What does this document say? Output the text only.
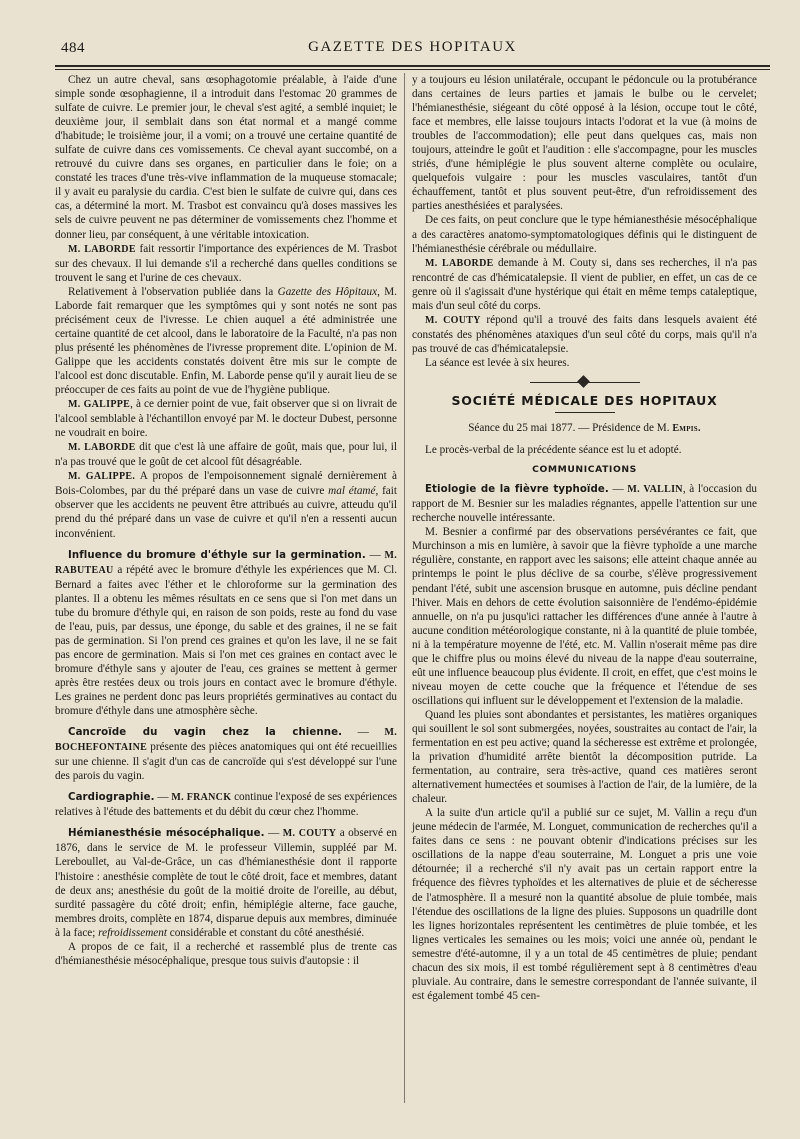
484	GAZETTE DES HOPITAUX

Chez un autre cheval, sans œsophagotomie préalable, à l'aide d'une simple sonde œsophagienne, il a introduit dans l'estomac 20 grammes de sulfate de cuivre. Le premier jour, le cheval s'est agité, a semblé inquiet; le deuxième jour, il semblait dans son état normal et a mangé comme d'habitude; le troisième jour, il a vomi; on a trouvé une certaine quantité de sulfate de cuivre dans ces vomissements. Ce cheval ayant succombé, on a retrouvé du cuivre dans ses organes, en particulier dans le foie; on a constaté les traces d'une très-vive inflammation de la muqueuse stomacale; il y avait eu paralysie du cardia. C'est bien le sulfate de cuivre qui, dans ces cas, a déterminé la mort. M. Trasbot est convaincu qu'à doses massives les sels de cuivre peuvent ne pas déterminer de vomissements chez l'homme et donner lieu, par conséquent, à une véritable intoxication.

M. LABORDE fait ressortir l'importance des expériences de M. Trasbot sur des chevaux. Il lui demande s'il a recherché dans quelles conditions se trouvent le sang et l'urine de ces chevaux.

Relativement à l'observation publiée dans la Gazette des Hôpitaux, M. Laborde fait remarquer que les symptômes qui y sont notés ne sont pas précisément ceux de l'ivresse. Le chien auquel a été administrée une certaine quantité de cet alcool, dans le laboratoire de la Faculté, n'a pas non plus présenté les phénomènes de l'ivresse proprement dite. L'opinion de M. Galippe que les accidents constatés doivent être mis sur le compte de l'alcool est donc discutable. Enfin, M. Laborde pense qu'il y aurait lieu de se préoccuper de ces faits au point de vue de l'hygiène publique.

M. GALIPPE, à ce dernier point de vue, fait observer que si on livrait de l'alcool semblable à l'échantillon envoyé par M. le docteur Dubest, personne ne voudrait en boire.

M. LABORDE dit que c'est là une affaire de goût, mais que, pour lui, il n'a pas trouvé que le goût de cet alcool fût désagréable.

M. GALIPPE. A propos de l'empoisonnement signalé dernièrement à Bois-Colombes, par du thé préparé dans un vase de cuivre mal étamé, fait observer que les accidents ne peuvent être attribués au cuivre, atteudu qu'il prend du thé préparé dans un vase de cuivre et qu'il n'en a ressenti aucun inconvénient.

Influence du bromure d'éthyle sur la germination. — M. RABUTEAU a répété avec le bromure d'éthyle les expériences que M. Cl. Bernard a faites avec l'éther et le chloroforme sur la germination des plantes. Il a obtenu les mêmes résultats en ce sens que si l'on met dans un tube du bromure d'éthyle qui, en raison de son poids, reste au fond du vase de l'eau, puis, par dessus, une éponge, du sable et des graines, il ne se fait pas de germination. Si l'on prend ces graines et qu'on les lave, il ne se fait pas encore de germination. Mais si l'on met ces graines en contact avec le bromure d'éthyle sans y ajouter de l'eau, ces graines se mettent à germer après être restées deux ou trois jours en contact avec le bromure d'éthyle. Les graines ne perdent donc pas leurs propriétés germinatives au contact du bromure d'éthyle dans une atmosphère sèche.

Cancroïde du vagin chez la chienne. — M. BOCHEFONTAINE présente des pièces anatomiques qui ont été recueillies sur une chienne. Il s'agit d'un cas de cancroïde qui s'est développé sur l'une des parois du vagin.

Cardiographie. — M. FRANCK continue l'exposé de ses expériences relatives à l'étude des battements et du débit du cœur chez l'homme.

Hémianesthésie mésocéphalique. — M. COUTY a observé en 1876, dans le service de M. le professeur Villemin, suppléé par M. Lereboullet, au Val-de-Grâce, un cas d'hémianesthésie dont il rapporte l'histoire : anesthésie complète de tout le côté droit, face et membres, datant de deux ans; anesthésie du goût de la moitié droite de l'oreille, au début, surdité passagère du côté droit; enfin, hémiplégie alterne, face gauche, membres droits, complète en 1874, disparue depuis aux membres, diminuée à la face; refroidissement considérable et constant du côté anesthésié.

A propos de ce fait, il a recherché et rassemblé plus de trente cas d'hémianesthésie mésocéphalique, presque tous suivis d'autopsie : il

y a toujours eu lésion unilatérale, occupant le pédoncule ou la protubérance dans certaines de leurs parties et jamais le bulbe ou le cervelet; l'hémianesthésie, siégeant du côté opposé à la lésion, occupe tout le côté, face et membres, elle laisse toujours intacts l'odorat et la vue (à moins de troubles de l'accommodation); elle peut dans quelques cas, mais non toujours, atteindre le goût et l'audition : elle s'accompagne, pour les muscles striés, d'une hémiplégie le plus souvent alterne complète ou oculaire, quelquefois vulgaire : pour les muscles vasculaires, tantôt d'un échauffement, tantôt et plus souvent peut-être, d'un refroidissement des parties anesthésiées et paralysées.

De ces faits, on peut conclure que le type hémianesthésie mésocéphalique a des caractères anatomo-symptomatologiques définis qui le distinguent de l'hémianesthésie cérébrale ou médullaire.

M. LABORDE demande à M. Couty si, dans ses recherches, il n'a pas rencontré de cas d'hémicatalepsie. Il vient de publier, en effet, un cas de ce genre où il s'agissait d'une hystérique qui était en même temps cataleptique, mais d'un seul côté du corps.

M. COUTY répond qu'il a trouvé des faits dans lesquels avaient été constatés des phénomènes ataxiques d'un seul côté du corps, mais qu'il n'a pas trouvé de cas d'hémicatalepsie.

La séance est levée à six heures.

SOCIÉTÉ MÉDICALE DES HOPITAUX

Séance du 25 mai 1877. — Présidence de M. Empis.

Le procès-verbal de la précédente séance est lu et adopté.

COMMUNICATIONS

Etiologie de la fièvre typhoïde. — M. VALLIN, à l'occasion du rapport de M. Besnier sur les maladies régnantes, appelle l'attention sur une recherche nouvelle intéressante.

M. Besnier a confirmé par des observations persévérantes ce fait, que Murchinson a mis en lumière, à savoir que la fièvre typhoïde a une marche régulière, constante, en rapport avec les saisons; elle atteint chaque année au printemps le point le plus déclive de sa courbe, s'élève progressivement pendant l'été, subit une ascension brusque en automne, puis décline pendant l'hiver. Mais en dehors de cette évolution saisonnière de l'endémo-épidémie annuelle, on n'a pu jusqu'ici rattacher les différences d'une année à l'autre à aucune condition météorologique constante, ni à la quantité de pluie tombée, ni à la température moyenne de l'été, etc. M. Vallin n'oserait même pas dire que le chiffre plus ou moins élevé du niveau de la nappe d'eau souterraine, eût une influence beaucoup plus évidente. Il croit, en effet, que c'est moins le niveau moyen de cette couche que la fréquence et l'étendue de ses oscillations qui influent sur le développement et l'extension de la maladie.

Quand les pluies sont abondantes et persistantes, les matières organiques qui souillent le sol sont submergées, noyées, soustraites au contact de l'air, la fermentation en est peu active; quand la sécheresse est extrême et prolongée, la privation d'humidité arrête bientôt la décomposition putride. La fermentation, au contraire, sera très-active, quand ces matières seront alternativement humectées et soumises à l'action de l'air, de la lumière, de la chaleur.

A la suite d'un article qu'il a publié sur ce sujet, M. Vallin a reçu d'un jeune médecin de l'armée, M. Longuet, communication de recherches qu'il a faites dans ce sens : ne pouvant obtenir d'indications précises sur les oscillations de la nappe d'eau souterraine, M. Longuet a pris une voie détournée; il a recherché s'il n'y avait pas un certain rapport entre la fréquence des fièvres typhoïdes et les alternatives de pluie et de sécheresse de l'atmosphère. Il a mesuré non la quantité absolue de pluie tombée, mais l'étendue des oscillations de la ligne des pluies. Supposons un quadrille dont les lignes horizontales représentent les centimètres de pluie tombée, et les lignes verticales les semaines ou les mois; voici une année où, pendant le semestre d'été-automne, il y a un total de 45 centimètres de pluie; pendant chacun des six mois, il est tombé régulièrement sept à 8 centimètres d'eau pluviale. Au contraire, dans le semestre correspondant de l'année suivante, il est également tombé 45 cen-
